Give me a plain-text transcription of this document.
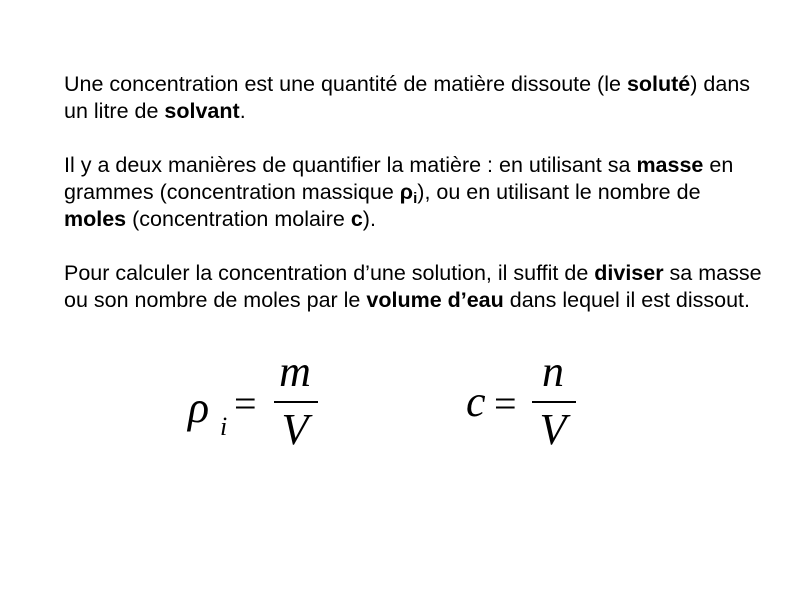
Une concentration est une quantité de matière dissoute (le soluté) dans un litre de solvant.

Il y a deux manières de quantifier la matière : en utilisant sa masse en grammes (concentration massique $\rho_i$), ou en utilisant le nombre de moles (concentration molaire c).

Pour calculer la concentration d’une solution, il suffit de diviser sa masse ou son nombre de moles par le volume d’eau dans lequel il est dissout.

ρ i
=
m
V
c =
n
V
